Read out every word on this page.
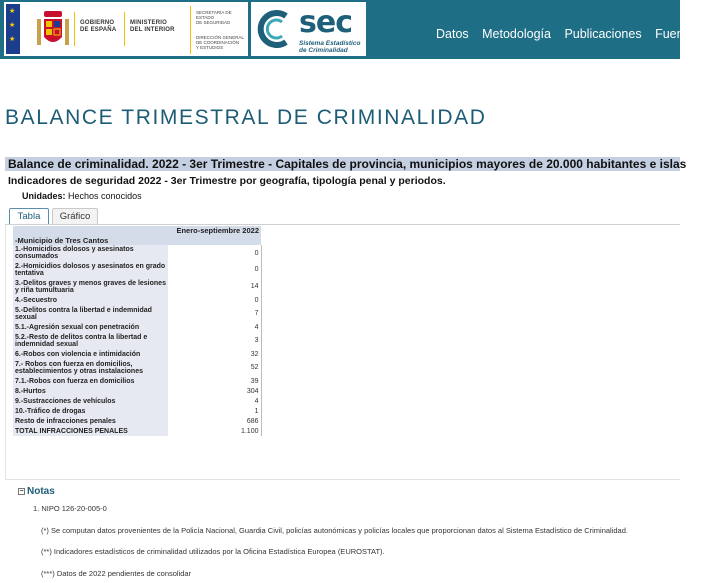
★
★
★
GOBIERNO
DE ESPAÑA
MINISTERIO
DEL INTERIOR
SECRETARÍA DE ESTADO
DE SEGURIDAD
DIRECCIÓN GENERAL
DE COORDINACIÓN
Y ESTUDIOS
sec
Sistema Estadístico
de Criminalidad
Datos Metodología Publicaciones Fuentes d
BALANCE TRIMESTRAL DE CRIMINALIDAD
Balance de criminalidad. 2022 - 3er Trimestre - Capitales de provincia, municipios mayores de 20.000 habitantes e islas
Indicadores de seguridad 2022 - 3er Trimestre por geografía, tipología penal y periodos.
Unidades: Hechos conocidos
Tabla	Gráfico
	Enero-septiembre 2022
-Municipio de Tres Cantos	
1.-Homicidios dolosos y asesinatos consumados	0
2.-Homicidios dolosos y asesinatos en grado tentativa	0
3.-Delitos graves y menos graves de lesiones y riña tumultuaria	14
4.-Secuestro	0
5.-Delitos contra la libertad e indemnidad sexual	7
5.1.-Agresión sexual con penetración	4
5.2.-Resto de delitos contra la libertad e indemnidad sexual	3
6.-Robos con violencia e intimidación	32
7.- Robos con fuerza en domicilios, establecimientos y otras instalaciones	52
7.1.-Robos con fuerza en domicilios	39
8.-Hurtos	304
9.-Sustracciones de vehículos	4
10.-Tráfico de drogas	1
Resto de infracciones penales	686
TOTAL INFRACCIONES PENALES	1.100
− Notas
1. NIPO 126-20-005-0
(*) Se computan datos provenientes de la Policía Nacional, Guardia Civil, policías autonómicas y policías locales que proporcionan datos al Sistema Estadístico de Criminalidad.
(**) Indicadores estadísticos de criminalidad utilizados por la Oficina Estadística Europea (EUROSTAT).
(***) Datos de 2022 pendientes de consolidar
